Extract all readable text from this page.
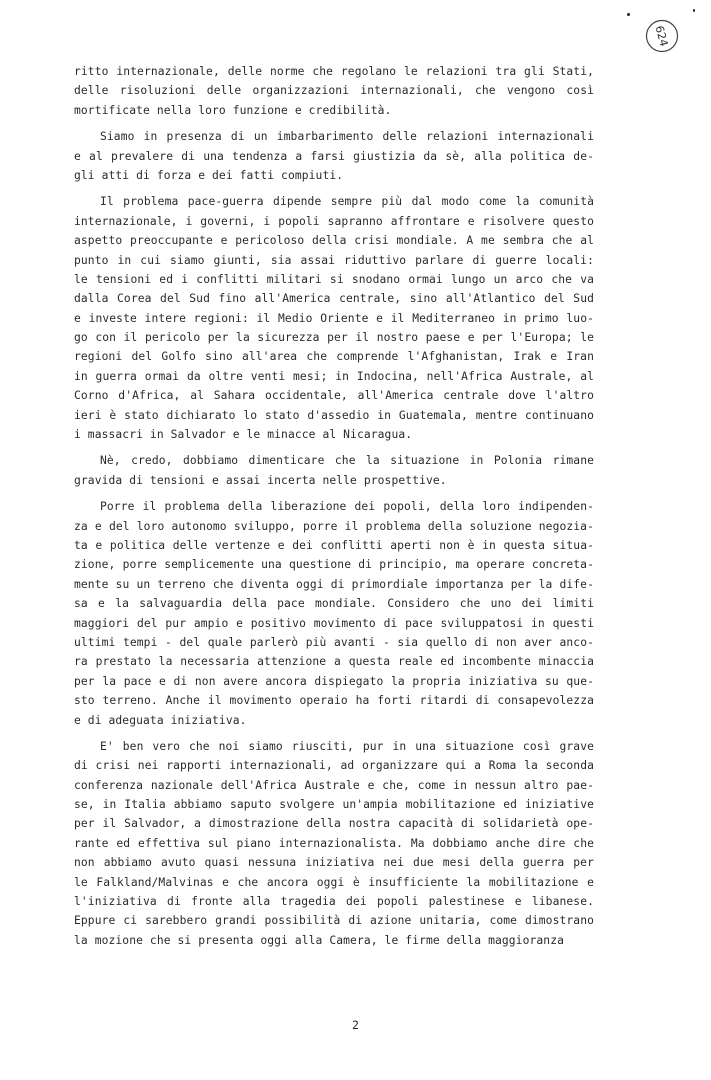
624
ritto internazionale, delle norme che regolano le relazioni tra gli Stati,
delle risoluzioni delle organizzazioni internazionali, che vengono così
mortificate nella loro funzione e credibilità.
Siamo in presenza di un imbarbarimento delle relazioni internazionali
e al prevalere di una tendenza a farsi giustizia da sè, alla politica de-
gli atti di forza e dei fatti compiuti.
Il problema pace-guerra dipende sempre più dal modo come la comunità
internazionale, i governi, i popoli sapranno affrontare e risolvere questo
aspetto preoccupante e pericoloso della crisi mondiale. A me sembra che al
punto in cui siamo giunti, sia assai riduttivo parlare di guerre locali:
le tensioni ed i conflitti militari si snodano ormai lungo un arco che va
dalla Corea del Sud fino all'America centrale, sino all'Atlantico del Sud
e investe intere regioni: il Medio Oriente e il Mediterraneo in primo luo-
go con il pericolo per la sicurezza per il nostro paese e per l'Europa; le
regioni del Golfo sino all'area che comprende l'Afghanistan, Irak e Iran
in guerra ormai da oltre venti mesi; in Indocina, nell'Africa Australe, al
Corno d'Africa, al Sahara occidentale, all'America centrale dove l'altro
ieri è stato dichiarato lo stato d'assedio in Guatemala, mentre continuano
i massacri in Salvador e le minacce al Nicaragua.
Nè, credo, dobbiamo dimenticare che la situazione in Polonia rimane
gravida di tensioni e assai incerta nelle prospettive.
Porre il problema della liberazione dei popoli, della loro indipenden-
za e del loro autonomo sviluppo, porre il problema della soluzione negozia-
ta e politica delle vertenze e dei conflitti aperti non è in questa situa-
zione, porre semplicemente una questione di principio, ma operare concreta-
mente su un terreno che diventa oggi di primordiale importanza per la dife-
sa e la salvaguardia della pace mondiale. Considero che uno dei limiti
maggiori del pur ampio e positivo movimento di pace sviluppatosi in questi
ultimi tempi - del quale parlerò più avanti - sia quello di non aver anco-
ra prestato la necessaria attenzione a questa reale ed incombente minaccia
per la pace e di non avere ancora dispiegato la propria iniziativa su que-
sto terreno. Anche il movimento operaio ha forti ritardi di consapevolezza
e di adeguata iniziativa.
E' ben vero che noi siamo riusciti, pur in una situazione così grave
di crisi nei rapporti internazionali, ad organizzare qui a Roma la seconda
conferenza nazionale dell'Africa Australe e che, come in nessun altro pae-
se, in Italia abbiamo saputo svolgere un'ampia mobilitazione ed iniziative
per il Salvador, a dimostrazione della nostra capacità di solidarietà ope-
rante ed effettiva sul piano internazionalista. Ma dobbiamo anche dire che
non abbiamo avuto quasi nessuna iniziativa nei due mesi della guerra per
le Falkland/Malvinas e che ancora oggi è insufficiente la mobilitazione e
l'iniziativa di fronte alla tragedia dei popoli palestinese e libanese.
Eppure ci sarebbero grandi possibilità di azione unitaria, come dimostrano
la mozione che si presenta oggi alla Camera, le firme della maggioranza
2
